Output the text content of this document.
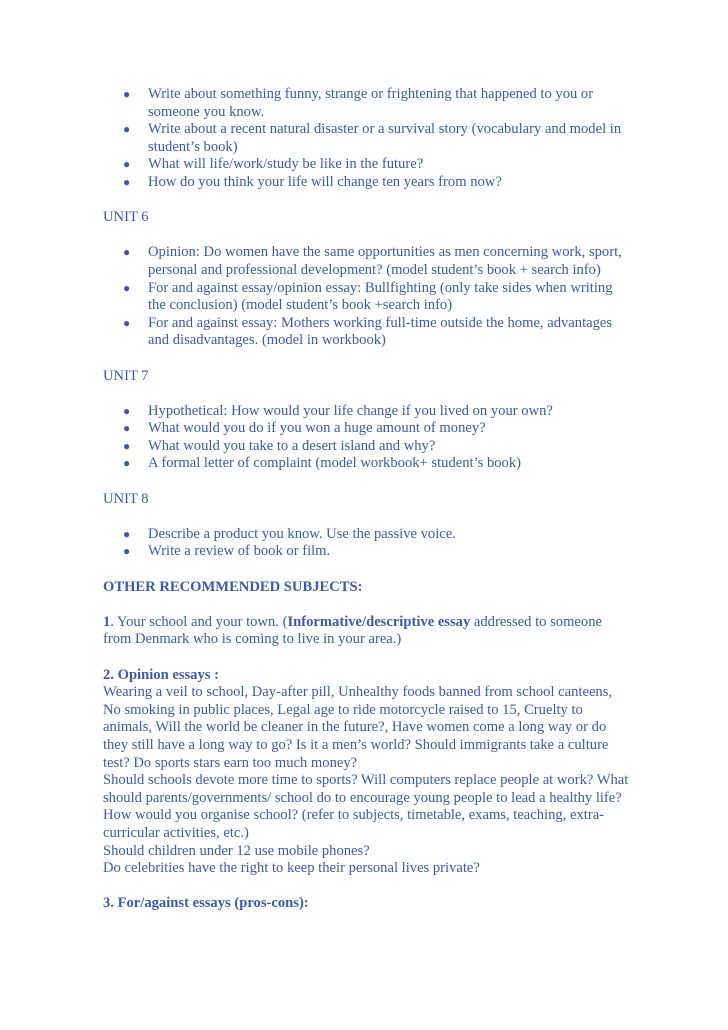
● Write about something funny, strange or frightening that happened to you or someone you know.
● Write about a recent natural disaster or a survival story (vocabulary and model in student’s book)
● What will life/work/study be like in the future?
● How do you think your life will change ten years from now?

UNIT 6

● Opinion: Do women have the same opportunities as men concerning work, sport, personal and professional development? (model student’s book + search info)
● For and against essay/opinion essay: Bullfighting (only take sides when writing the conclusion) (model student’s book +search info)
● For and against essay: Mothers working full-time outside the home, advantages and disadvantages. (model in workbook)

UNIT 7

● Hypothetical: How would your life change if you lived on your own?
● What would you do if you won a huge amount of money?
● What would you take to a desert island and why?
● A formal letter of complaint (model workbook+ student’s book)

UNIT 8

● Describe a product you know. Use the passive voice.
● Write a review of book or film.

OTHER RECOMMENDED SUBJECTS:

1. Your school and your town. (Informative/descriptive essay addressed to someone from Denmark who is coming to live in your area.)

2. Opinion essays :

Wearing a veil to school, Day-after pill, Unhealthy foods banned from school canteens, No smoking in public places, Legal age to ride motorcycle raised to 15, Cruelty to animals, Will the world be cleaner in the future?, Have women come a long way or do they still have a long way to go? Is it a men’s world? Should immigrants take a culture test? Do sports stars earn too much money?

Should schools devote more time to sports? Will computers replace people at work? What should parents/governments/ school do to encourage young people to lead a healthy life? How would you organise school? (refer to subjects, timetable, exams, teaching, extra-curricular activities, etc.)

Should children under 12 use mobile phones?

Do celebrities have the right to keep their personal lives private?

3. For/against essays (pros-cons):
